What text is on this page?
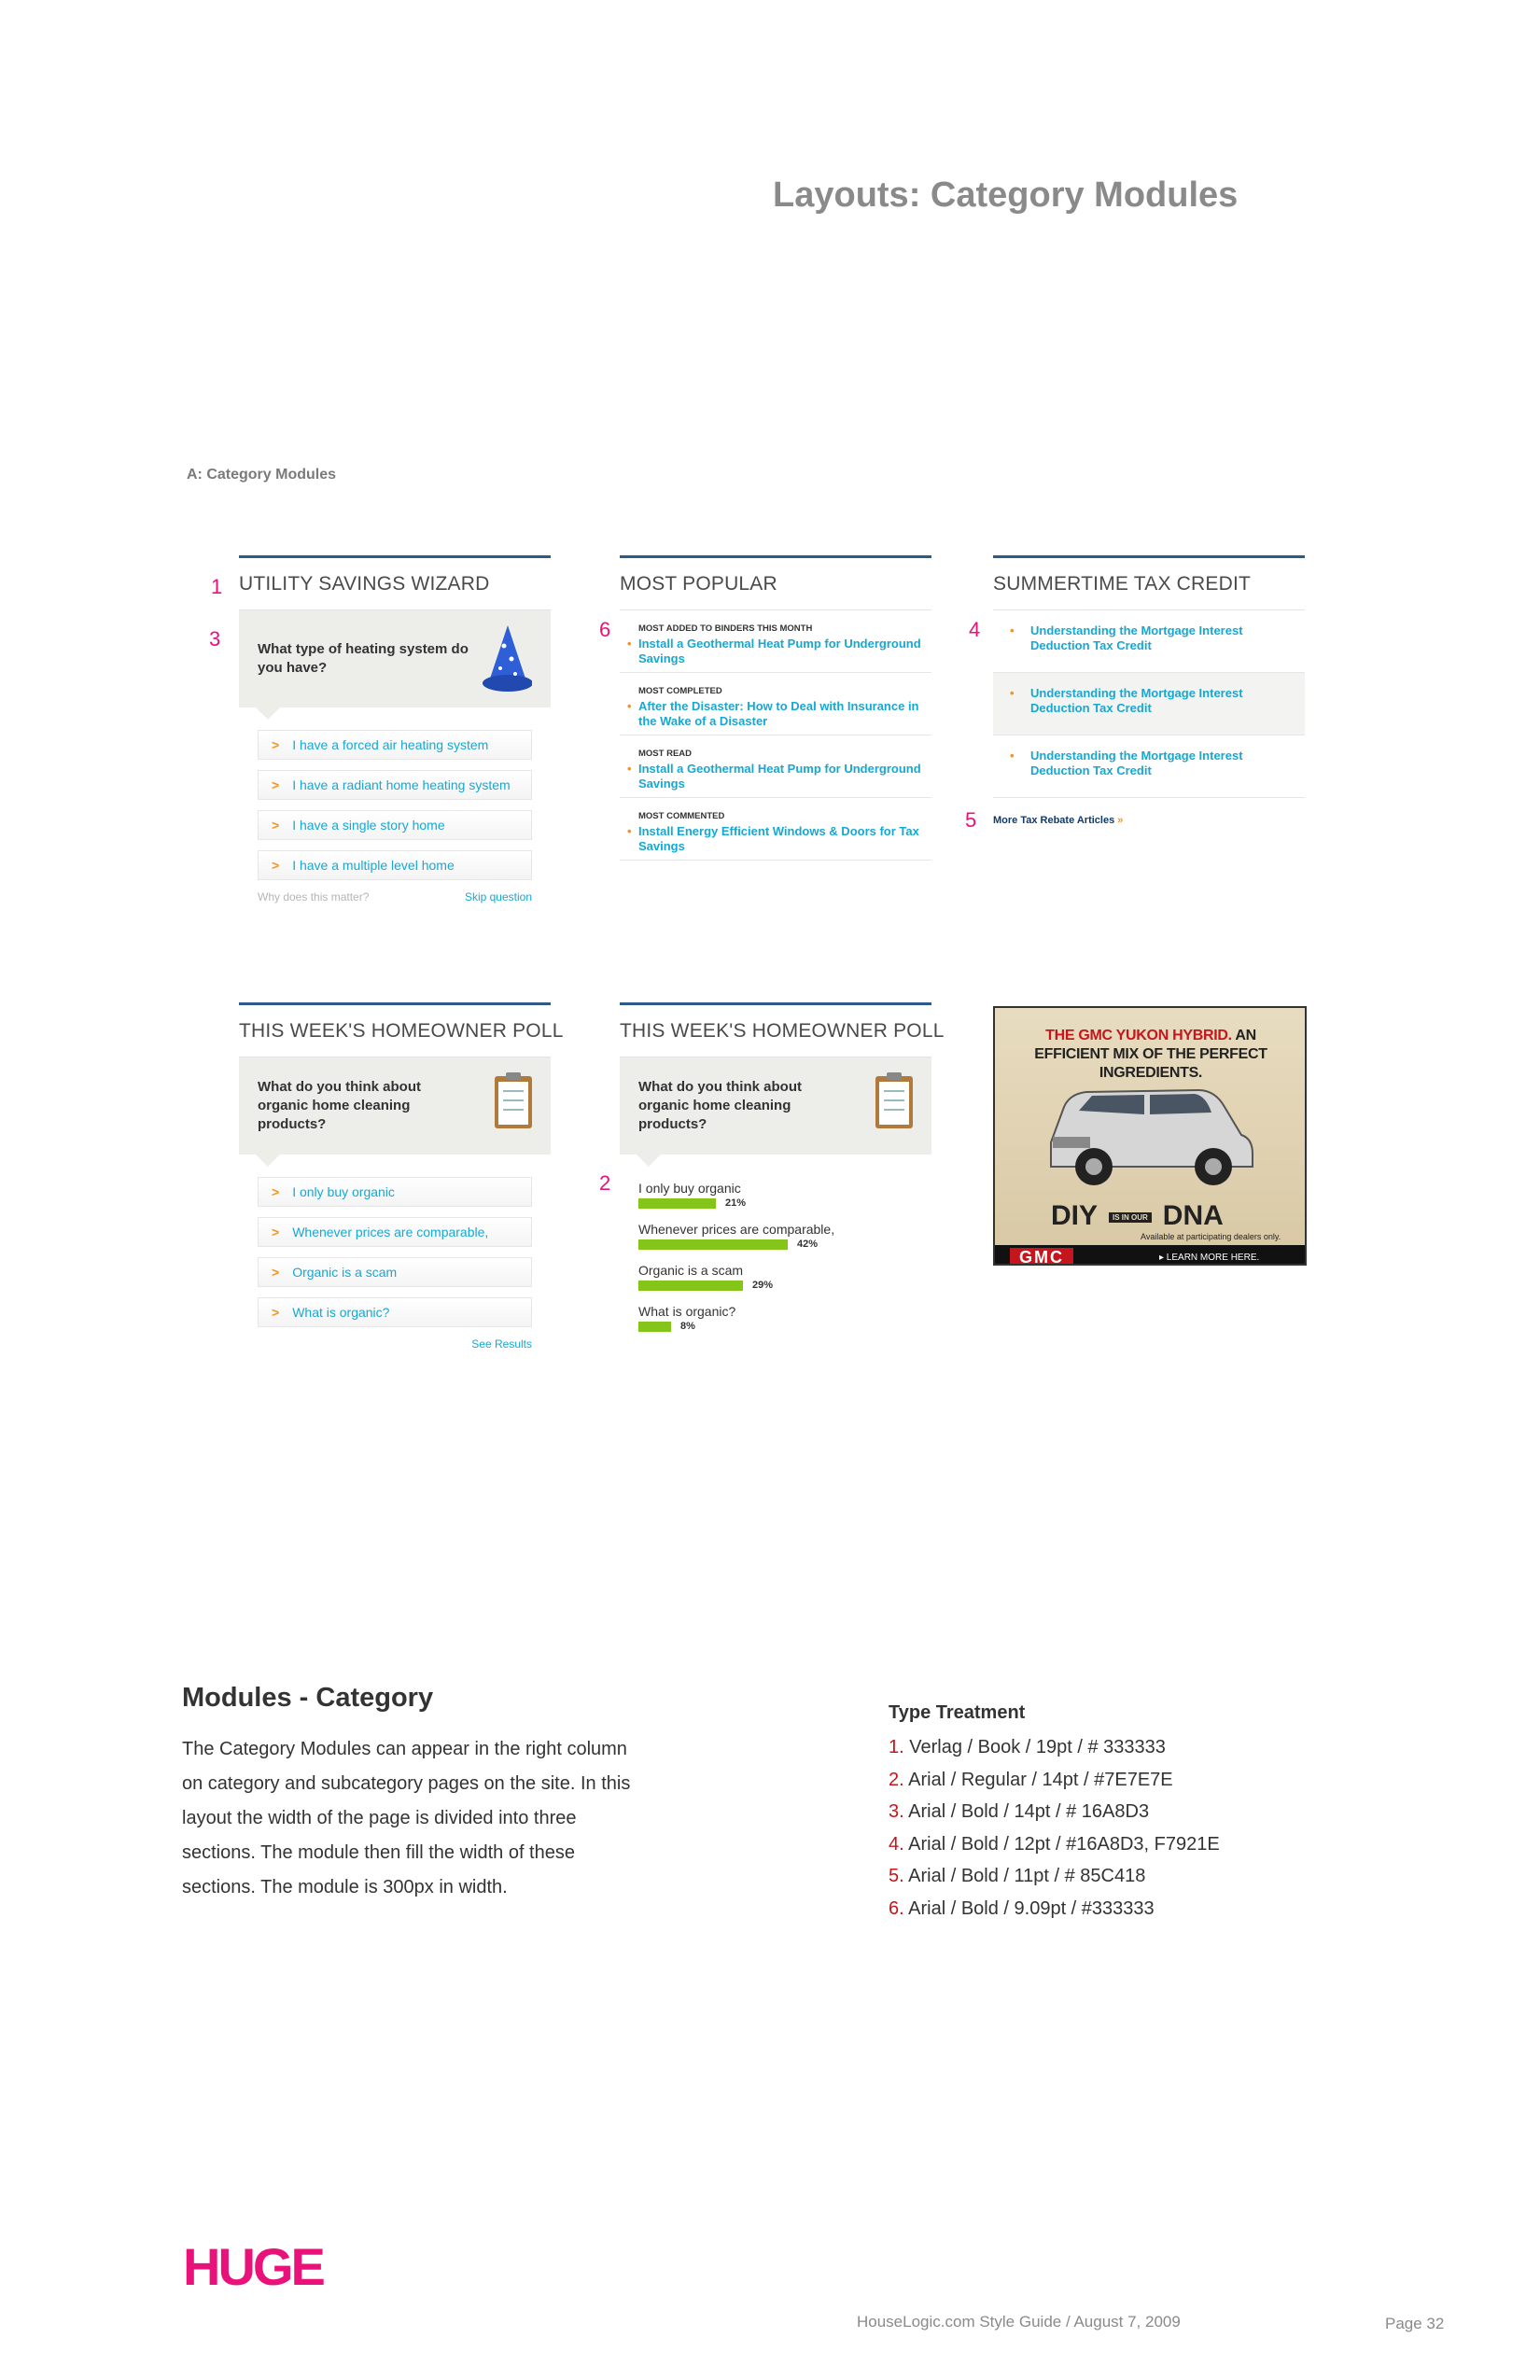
Layouts: Category Modules
A: Category Modules
1
3	6	4
5
2
UTILITY SAVINGS WIZARD
What type of heating system do you have?
> I have a forced air heating system
> I have a radiant home heating system
> I have a single story home
> I have a multiple level home
Why does this matter?	Skip question
MOST POPULAR
MOST ADDED TO BINDERS THIS MONTH
• Install a Geothermal Heat Pump for Underground Savings
MOST COMPLETED
• After the Disaster: How to Deal with Insurance in the Wake of a Disaster
MOST READ
• Install a Geothermal Heat Pump for Underground Savings
MOST COMMENTED
• Install Energy Efficient Windows & Doors for Tax Savings
SUMMERTIME TAX CREDIT
• Understanding the Mortgage Interest Deduction Tax Credit
• Understanding the Mortgage Interest Deduction Tax Credit
• Understanding the Mortgage Interest Deduction Tax Credit
More Tax Rebate Articles »
THIS WEEK'S HOMEOWNER POLL
What do you think about organic home cleaning products?
> I only buy organic
> Whenever prices are comparable,
> Organic is a scam
> What is organic?
See Results
THIS WEEK'S HOMEOWNER POLL
What do you think about organic home cleaning products?
I only buy organic
21%
Whenever prices are comparable,
42%
Organic is a scam
29%
What is organic?
8%
THE GMC YUKON HYBRID. AN EFFICIENT MIX OF THE PERFECT INGREDIENTS.
DIY IS IN OUR DNA
Available at participating dealers only.
GMC	▸ LEARN MORE HERE.
Modules - Category
The Category Modules can appear in the right column on category and subcategory pages on the site. In this layout the width of the page is divided into three sections. The module then fill the width of these sections. The module is 300px in width.
Type Treatment
1. Verlag / Book / 19pt / # 333333
2. Arial / Regular / 14pt / #7E7E7E
3. Arial / Bold / 14pt / # 16A8D3
4. Arial / Bold / 12pt / #16A8D3, F7921E
5. Arial / Bold / 11pt / # 85C418
6. Arial / Bold / 9.09pt / #333333
HUGE
HouseLogic.com Style Guide / August 7, 2009	Page 32
